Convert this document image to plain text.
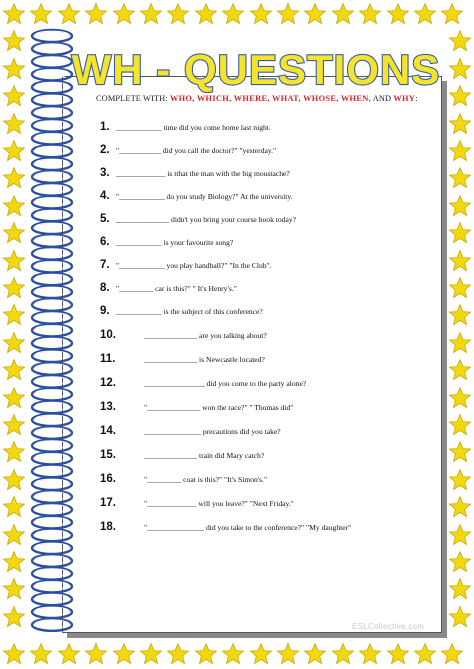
WH - QUESTIONS
COMPLETE WITH: WHO, WHICH, WHERE, WHAT, WHOSE, WHEN, AND WHY:
1. ____________ time did you come home last night.
2. "___________ did you call the doctor?" "yesterday."
3. _____________ is tthat the man with the big moustache?
4. "____________ do you study Biology?" At the university.
5. ______________ didn't you bring your course book today?
6. ____________ is your favourite song?
7. "____________ you play handball?" "In the Club".
8. "_________ car is this?" " It's Henry's."
9. ____________ is the subject of this conference?
10.	______________ are you talking about?
11.	______________ is Newcastle located?
12.	________________ did you come to the party alone?
13.	"______________ won the race?" " Thomas did"
14.	_______________ precautions did you take?
15.	______________ train did Mary catch?
16.	"_________ coat is this?" "It's Simon's."
17.	"_____________ will you leave?" "Next Friday."
18.	"_______________ did you take to the conference?" "My daughter"
ESLCollective.com
